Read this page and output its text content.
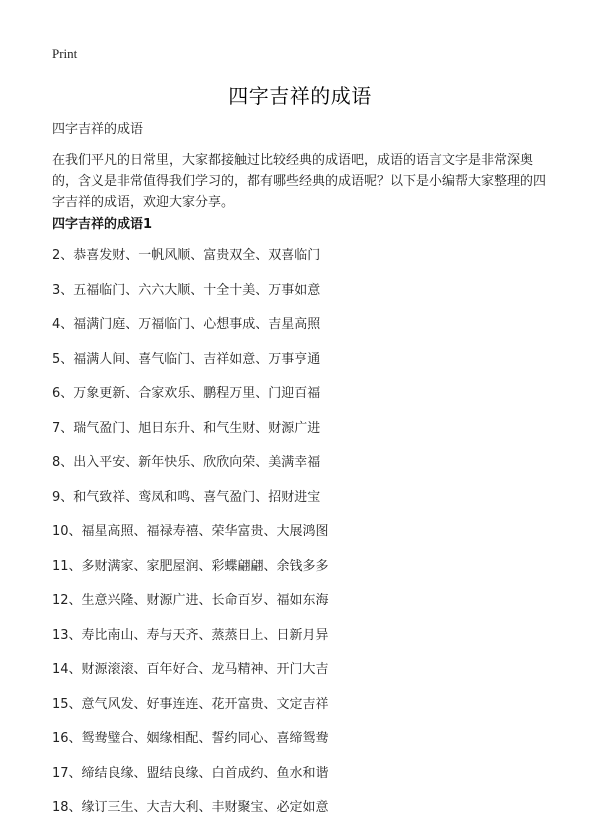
Print
四字吉祥的成语
四字吉祥的成语

在我们平凡的日常里，大家都接触过比较经典的成语吧，成语的语言文字是非常深奥的，含义是非常值得我们学习的，都有哪些经典的成语呢？以下是小编帮大家整理的四字吉祥的成语，欢迎大家分享。

四字吉祥的成语1
2、恭喜发财、一帆风顺、富贵双全、双喜临门
3、五福临门、六六大顺、十全十美、万事如意
4、福满门庭、万福临门、心想事成、吉星高照
5、福满人间、喜气临门、吉祥如意、万事亨通
6、万象更新、合家欢乐、鹏程万里、门迎百福
7、瑞气盈门、旭日东升、和气生财、财源广进
8、出入平安、新年快乐、欣欣向荣、美满幸福
9、和气致祥、鸾凤和鸣、喜气盈门、招财进宝
10、福星高照、福禄寿禧、荣华富贵、大展鸿图
11、多财满家、家肥屋润、彩蝶翩翩、余钱多多
12、生意兴隆、财源广进、长命百岁、福如东海
13、寿比南山、寿与天齐、蒸蒸日上、日新月异
14、财源滚滚、百年好合、龙马精神、开门大吉
15、意气风发、好事连连、花开富贵、文定吉祥
16、鸳鸯璧合、姻缘相配、誓约同心、喜缔鸳鸯
17、缔结良缘、盟结良缘、白首成约、鱼水和谐
18、缘订三生、大吉大利、丰财聚宝、必定如意
